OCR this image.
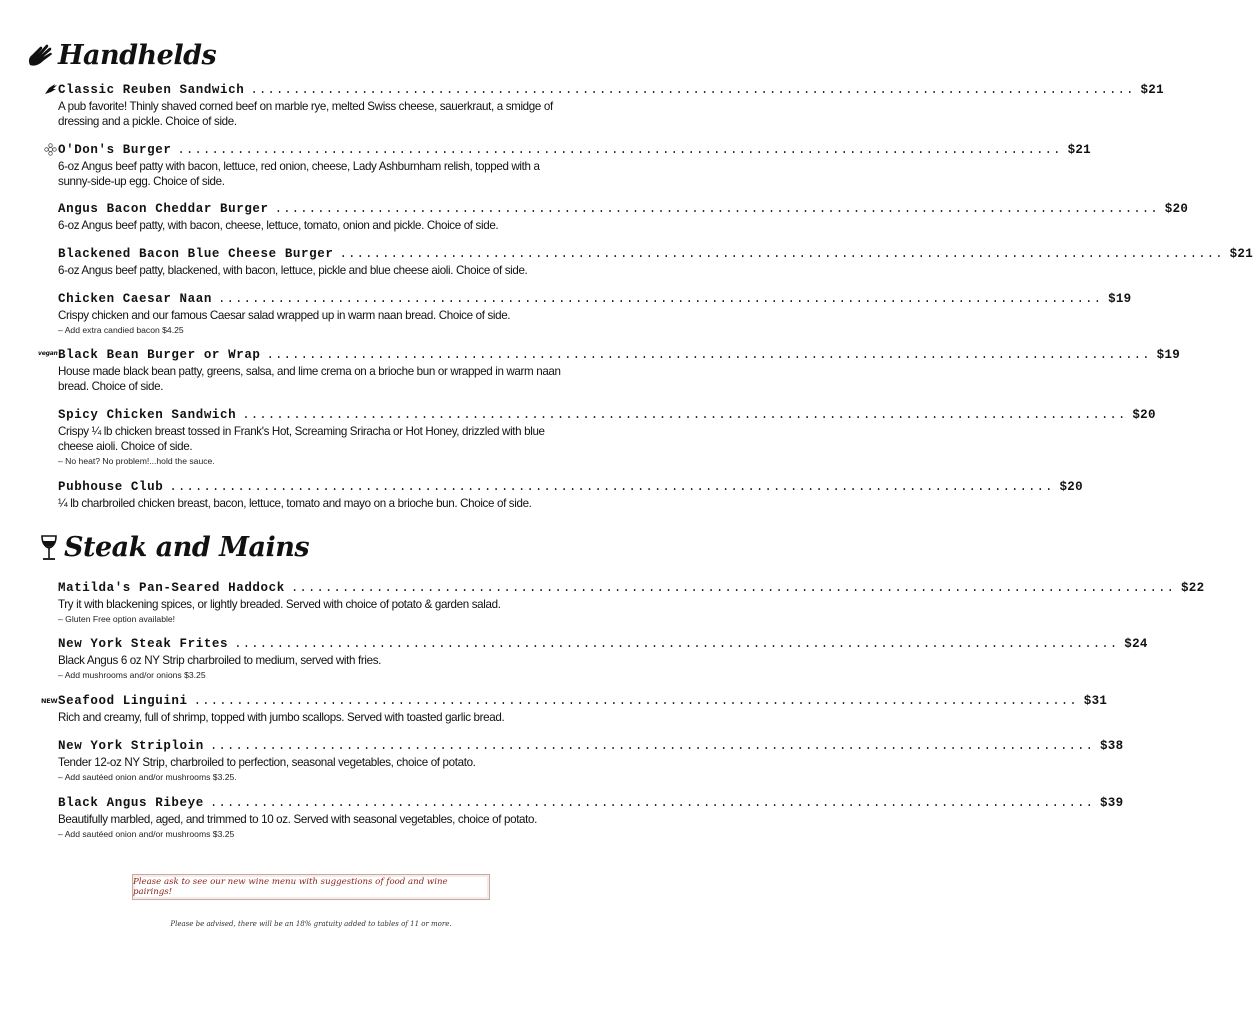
Handhelds
Classic Reuben Sandwich ........................................................................................................ $21
A pub favorite! Thinly shaved corned beef on marble rye, melted Swiss cheese, sauerkraut, a smidge of dressing and a pickle. Choice of side.
O'Don's Burger ........................................................................................................ $21
6-oz Angus beef patty with bacon, lettuce, red onion, cheese, Lady Ashburnham relish, topped with a sunny-side-up egg. Choice of side.
Angus Bacon Cheddar Burger ........................................................................................................ $20
6-oz Angus beef patty, with bacon, cheese, lettuce, tomato, onion and pickle. Choice of side.
Blackened Bacon Blue Cheese Burger ........................................................................................................ $21
6-oz Angus beef patty, blackened, with bacon, lettuce, pickle and blue cheese aioli. Choice of side.
Chicken Caesar Naan ........................................................................................................ $19
Crispy chicken and our famous Caesar salad wrapped up in warm naan bread. Choice of side.
– Add extra candied bacon $4.25
vegan Black Bean Burger or Wrap ........................................................................................................ $19
House made black bean patty, greens, salsa, and lime crema on a brioche bun or wrapped in warm naan bread. Choice of side.
Spicy Chicken Sandwich ........................................................................................................ $20
Crispy ¼ lb chicken breast tossed in Frank's Hot, Screaming Sriracha or Hot Honey, drizzled with blue cheese aioli. Choice of side.
– No heat? No problem!...hold the sauce.
Pubhouse Club ........................................................................................................ $20
¼ lb charbroiled chicken breast, bacon, lettuce, tomato and mayo on a brioche bun. Choice of side.
Steak and Mains
Matilda's Pan-Seared Haddock ........................................................................................................ $22
Try it with blackening spices, or lightly breaded. Served with choice of potato & garden salad.
– Gluten Free option available!
New York Steak Frites ........................................................................................................ $24
Black Angus 6 oz NY Strip charbroiled to medium, served with fries.
– Add mushrooms and/or onions $3.25
NEW Seafood Linguini ........................................................................................................ $31
Rich and creamy, full of shrimp, topped with jumbo scallops. Served with toasted garlic bread.
New York Striploin ........................................................................................................ $38
Tender 12-oz NY Strip, charbroiled to perfection, seasonal vegetables, choice of potato.
– Add sautéed onion and/or mushrooms $3.25.
Black Angus Ribeye ........................................................................................................ $39
Beautifully marbled, aged, and trimmed to 10 oz. Served with seasonal vegetables, choice of potato.
– Add sautéed onion and/or mushrooms $3.25
Please ask to see our new wine menu with suggestions of food and wine pairings!
Please be advised, there will be an 18% gratuity added to tables of 11 or more.
